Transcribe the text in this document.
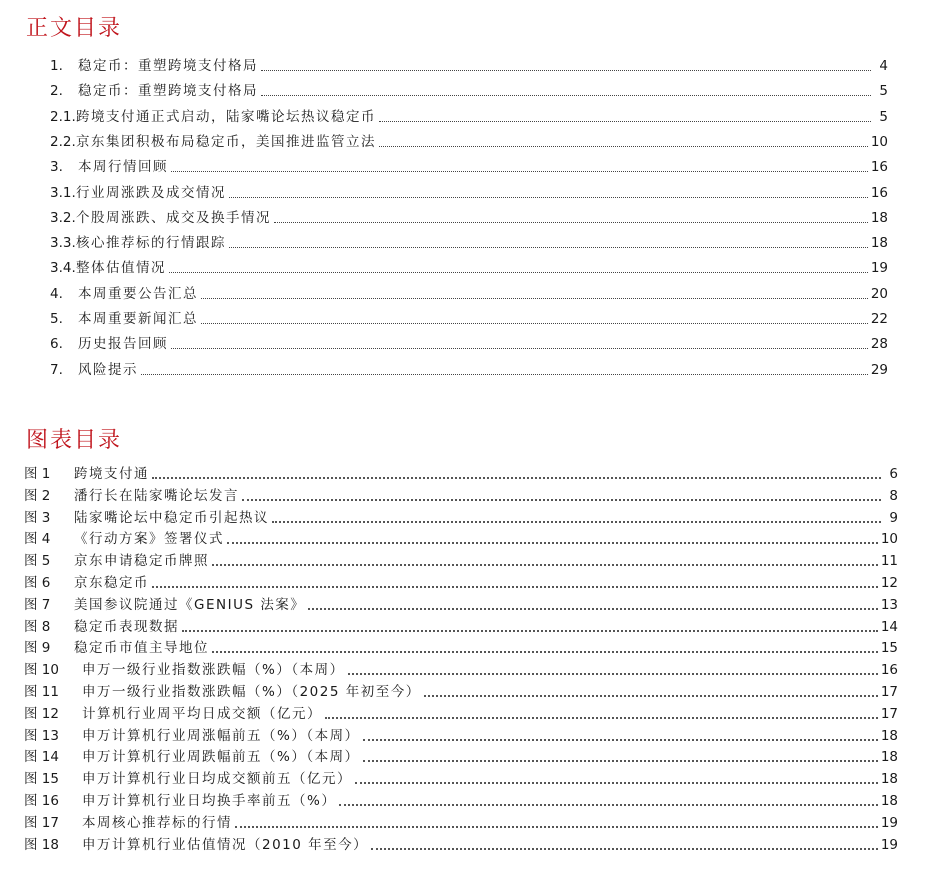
正文目录
1.	稳定币：重塑跨境支付格局	4
2.	稳定币：重塑跨境支付格局	5
2.1. 跨境支付通正式启动，陆家嘴论坛热议稳定币	5
2.2. 京东集团积极布局稳定币，美国推进监管立法	10
3.	本周行情回顾	16
3.1. 行业周涨跌及成交情况	16
3.2. 个股周涨跌、成交及换手情况	18
3.3. 核心推荐标的行情跟踪	18
3.4. 整体估值情况	19
4.	本周重要公告汇总	20
5.	本周重要新闻汇总	22
6.	历史报告回顾	28
7.	风险提示	29
图表目录
图 1	跨境支付通	6
图 2	潘行长在陆家嘴论坛发言	8
图 3	陆家嘴论坛中稳定币引起热议	9
图 4	《行动方案》签署仪式	10
图 5	京东申请稳定币牌照	11
图 6	京东稳定币	12
图 7	美国参议院通过《GENIUS 法案》	13
图 8	稳定币表现数据	14
图 9	稳定币市值主导地位	15
图 10	申万一级行业指数涨跌幅（%）（本周）	16
图 11	申万一级行业指数涨跌幅（%）（2025 年初至今）	17
图 12	计算机行业周平均日成交额（亿元）	17
图 13	申万计算机行业周涨幅前五（%）（本周）	18
图 14	申万计算机行业周跌幅前五（%）（本周）	18
图 15	申万计算机行业日均成交额前五（亿元）	18
图 16	申万计算机行业日均换手率前五（%）	18
图 17	本周核心推荐标的行情	19
图 18	申万计算机行业估值情况（2010 年至今）	19
